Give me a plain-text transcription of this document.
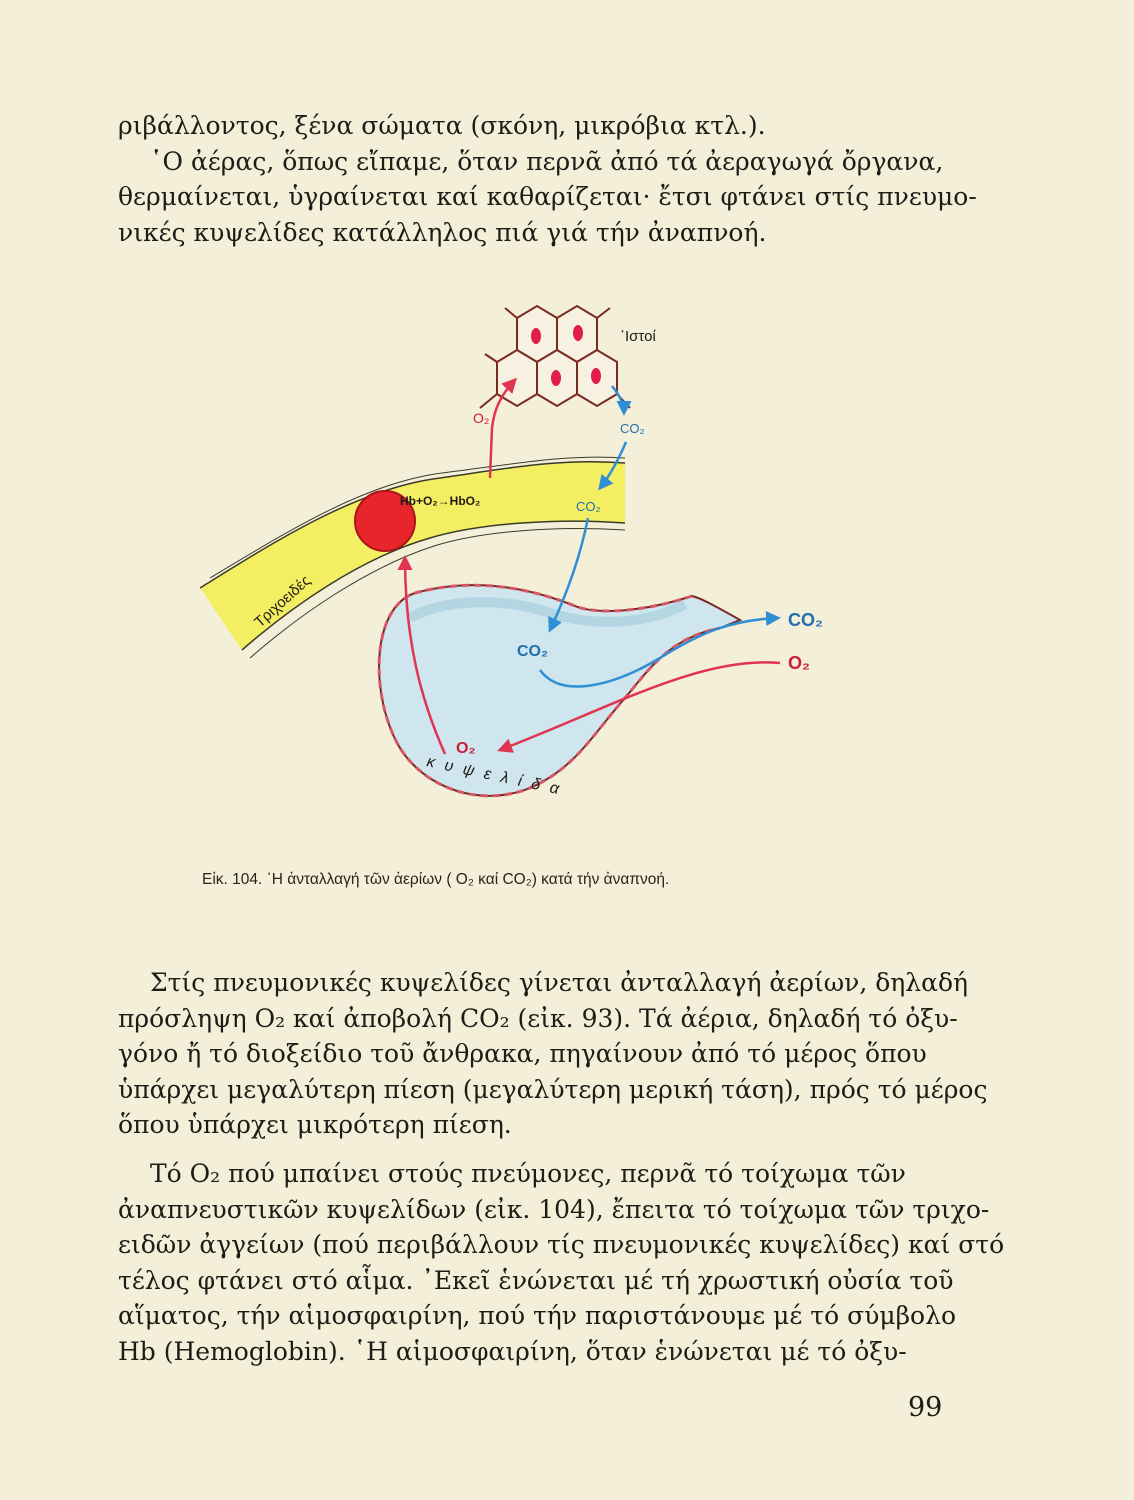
ριβάλλοντος, ξένα σώματα (σκόνη, μικρόβια κτλ.).
῾Ο ἀέρας, ὅπως εἴπαμε, ὅταν περνᾶ ἀπό τά ἀεραγωγά ὄργανα,
θερμαίνεται, ὑγραίνεται καί καθαρίζεται· ἔτσι φτάνει στίς πνευμο-
νικές κυψελίδες κατάλληλος πιά γιά τήν ἀναπνοή.
Τριχοειδές
Hb+O₂→HbO₂
῾Ιστοί
O₂
O₂
O₂
CO₂
CO₂
CO₂
CO₂
κυψελίδα
Εἰκ. 104. ῾Η ἀνταλλαγή τῶν ἀερίων ( O₂ καί CO₂) κατά τήν ἀναπνοή.
Στίς πνευμονικές κυψελίδες γίνεται ἀνταλλαγή ἀερίων, δηλαδή
πρόσληψη O₂ καί ἀποβολή CO₂ (εἰκ. 93). Τά ἀέρια, δηλαδή τό ὀξυ-
γόνο ἤ τό διοξείδιο τοῦ ἄνθρακα, πηγαίνουν ἀπό τό μέρος ὅπου
ὑπάρχει μεγαλύτερη πίεση (μεγαλύτερη μερική τάση), πρός τό μέρος
ὅπου ὑπάρχει μικρότερη πίεση.
Τό O₂ πού μπαίνει στούς πνεύμονες, περνᾶ τό τοίχωμα τῶν
ἀναπνευστικῶν κυψελίδων (εἰκ. 104), ἔπειτα τό τοίχωμα τῶν τριχο-
ειδῶν ἀγγείων (πού περιβάλλουν τίς πνευμονικές κυψελίδες) καί στό
τέλος φτάνει στό αἷμα. ᾿Εκεῖ ἑνώνεται μέ τή χρωστική οὐσία τοῦ
αἵματος, τήν αἱμοσφαιρίνη, πού τήν παριστάνουμε μέ τό σύμβολο
Hb (Hemoglobin). ῾Η αἱμοσφαιρίνη, ὅταν ἑνώνεται μέ τό ὀξυ-
99
